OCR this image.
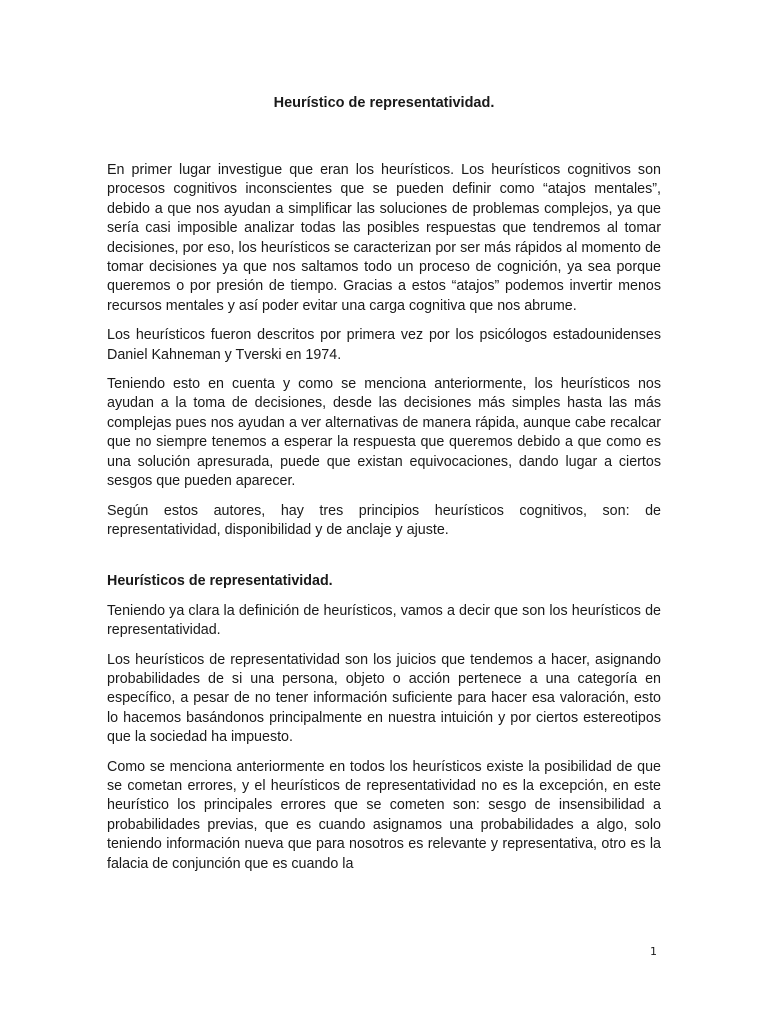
Heurístico de representatividad.

En primer lugar investigue que eran los heurísticos. Los heurísticos cognitivos son procesos cognitivos inconscientes que se pueden definir como “atajos mentales”, debido a que nos ayudan a simplificar las soluciones de problemas complejos, ya que sería casi imposible analizar todas las posibles respuestas que tendremos al tomar decisiones, por eso, los heurísticos se caracterizan por ser más rápidos al momento de tomar decisiones ya que nos saltamos todo un proceso de cognición, ya sea porque queremos o por presión de tiempo. Gracias a estos “atajos” podemos invertir menos recursos mentales y así poder evitar una carga cognitiva que nos abrume.

Los heurísticos fueron descritos por primera vez por los psicólogos estadounidenses Daniel Kahneman y Tverski en 1974.

Teniendo esto en cuenta y como se menciona anteriormente, los heurísticos nos ayudan a la toma de decisiones, desde las decisiones más simples hasta las más complejas pues nos ayudan a ver alternativas de manera rápida, aunque cabe recalcar que no siempre tenemos a esperar la respuesta que queremos debido a que como es una solución apresurada, puede que existan equivocaciones, dando lugar a ciertos sesgos que pueden aparecer.

Según estos autores, hay tres principios heurísticos cognitivos, son: de representatividad, disponibilidad y de anclaje y ajuste.

Heurísticos de representatividad.

Teniendo ya clara la definición de heurísticos, vamos a decir que son los heurísticos de representatividad.

Los heurísticos de representatividad son los juicios que tendemos a hacer, asignando probabilidades de si una persona, objeto o acción pertenece a una categoría en específico, a pesar de no tener información suficiente para hacer esa valoración, esto lo hacemos basándonos principalmente en nuestra intuición y por ciertos estereotipos que la sociedad ha impuesto.

Como se menciona anteriormente en todos los heurísticos existe la posibilidad de que se cometan errores, y el heurísticos de representatividad no es la excepción, en este heurístico los principales errores que se cometen son: sesgo de insensibilidad a probabilidades previas, que es cuando asignamos una probabilidades a algo, solo teniendo información nueva que para nosotros es relevante y representativa, otro es la falacia de conjunción que es cuando la

1
